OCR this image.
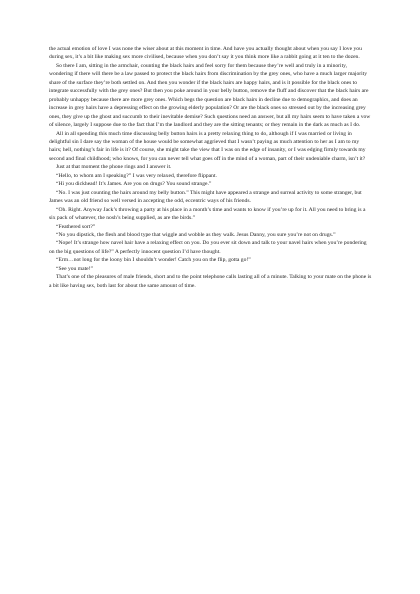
the actual emotion of love I was none the wiser about at this moment in time. And have you actually thought about when you say I love you during sex, it’s a bit like making sex more civilised, because when you don’t say it you think more like a rabbit going at it ten to the dozen.

So there I am, sitting in the armchair, counting the black hairs and feel sorry for them because they’re well and truly in a minority, wondering if there will there be a law passed to protect the black hairs from discrimination by the grey ones, who have a much larger majority share of the surface they’re both settled on. And then you wonder if the black hairs are happy hairs, and is it possible for the black ones to integrate successfully with the grey ones? But then you poke around in your belly button, remove the fluff and discover that the black hairs are probably unhappy because there are more grey ones. Which begs the question are black hairs in decline due to demographics, and does an increase in grey hairs have a depressing effect on the growing elderly population? Or are the black ones so stressed out by the increasing grey ones, they give up the ghost and succumb to their inevitable demise? Such questions need an answer, but all my hairs seem to have taken a vow of silence, largely I suppose due to the fact that I’m the landlord and they are the sitting tenants; or they remain in the dark as much as I do.

All in all spending this much time discussing belly button hairs is a pretty relaxing thing to do, although if I was married or living in delightful sin I dare say the woman of the house would be somewhat aggrieved that I wasn’t paying as much attention to her as I am to my hairs; hell, nothing’s fair in life is it? Of course, she might take the view that I was on the edge of insanity, or I was edging firmly towards my second and final childhood; who knows, for you can never tell what goes off in the mind of a woman, part of their undeniable charm, isn’t it?

Just at that moment the phone rings and I answer it.

“Hello, to whom am I speaking?” I was very relaxed, therefore flippant.

“Hi you dickhead! It’s James. Are you on drugs? You sound strange.”

“No. I was just counting the hairs around my belly button.” This might have appeared a strange and surreal activity to some stranger, but James was an old friend so well versed in accepting the odd, eccentric ways of his friends.

“Oh. Right. Anyway Jack’s throwing a party at his place in a month’s time and wants to know if you’re up for it. All you need to bring is a six pack of whatever, the nosh’s being supplied, as are the birds.”

“Feathered sort?”

“No you dipstick, the flesh and blood type that wiggle and wobble as they walk. Jesus Danny, you sure you’re not on drugs.”

“Nope! It’s strange how navel hair have a relaxing effect on you. Do you ever sit down and talk to your navel hairs when you’re pondering on the big questions of life?” A perfectly innocent question I’d have thought.

“Erm…not long for the loony bin I shouldn’t wonder! Catch you on the flip, gotta go!”

“See you mate!”

That’s one of the pleasures of male friends, short and to the point telephone calls lasting all of a minute. Talking to your mate on the phone is a bit like having sex, both last for about the same amount of time.
